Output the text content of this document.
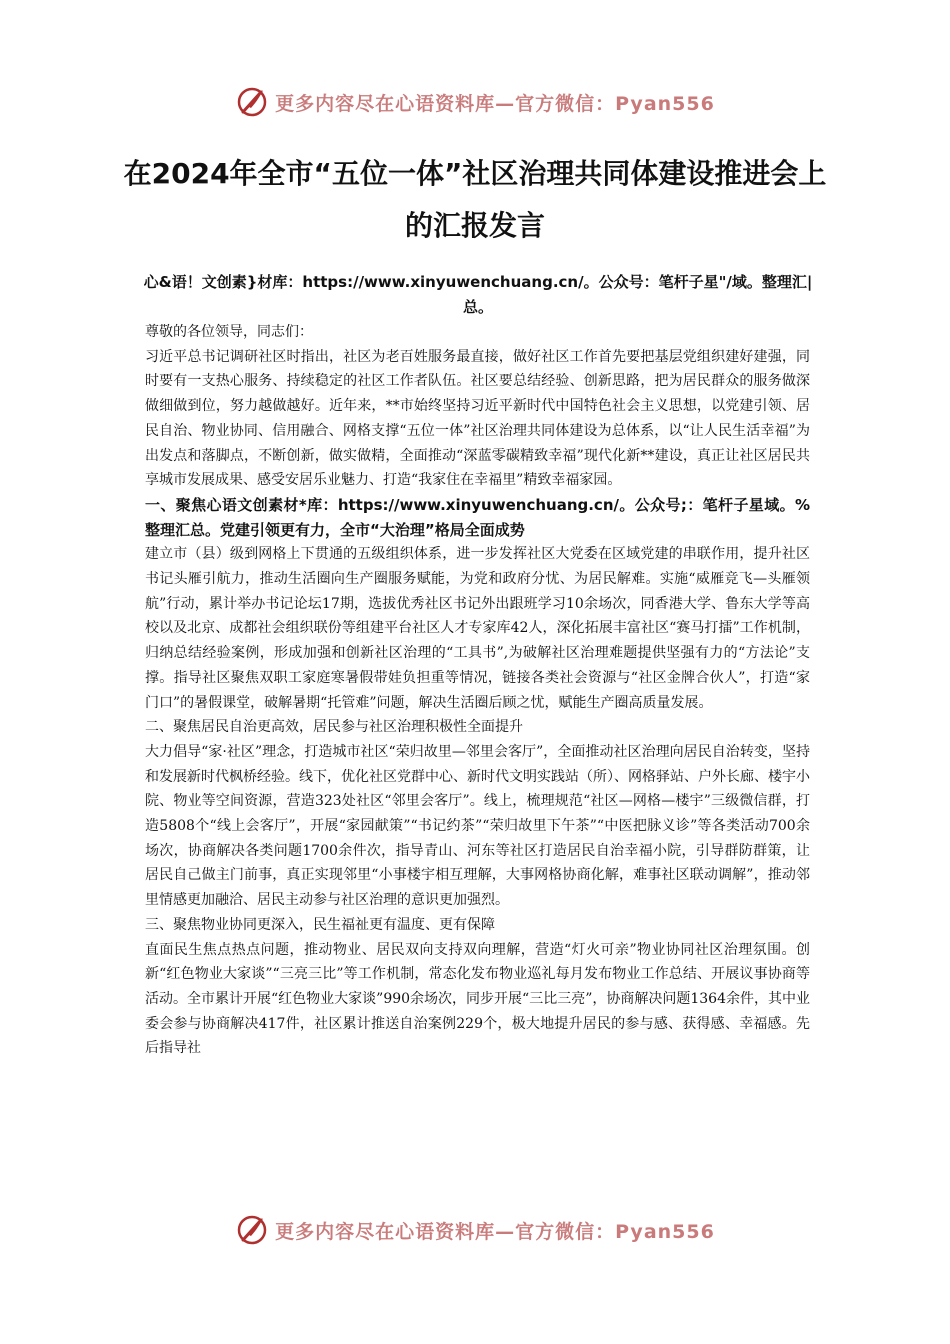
更多内容尽在心语资料库—官方微信：Pyan556
在2024年全市“五位一体”社区治理共同体建设推进会上的汇报发言

心&语！文创素}材库：https://www.xinyuwenchuang.cn/。公众号：笔杆子星"/域。整理汇|总。

尊敬的各位领导，同志们：

习近平总书记调研社区时指出，社区为老百姓服务最直接，做好社区工作首先要把基层党组织建好建强，同时要有一支热心服务、持续稳定的社区工作者队伍。社区要总结经验、创新思路，把为居民群众的服务做深做细做到位，努力越做越好。近年来，**市始终坚持习近平新时代中国特色社会主义思想，以党建引领、居民自治、物业协同、信用融合、网格支撑“五位一体”社区治理共同体建设为总体系，以“让人民生活幸福”为出发点和落脚点，不断创新，做实做精，全面推动“深蓝零碳精致幸福”现代化新**建设，真正让社区居民共享城市发展成果、感受安居乐业魅力、打造“我家住在幸福里”精致幸福家园。

一、聚焦心语文创素材*库：https://www.xinyuwenchuang.cn/。公众号;：笔杆子星域。%整理汇总。党建引领更有力，全市“大治理”格局全面成势

建立市（县）级到网格上下贯通的五级组织体系，进一步发挥社区大党委在区域党建的串联作用，提升社区书记头雁引航力，推动生活圈向生产圈服务赋能，为党和政府分忧、为居民解难。实施“威雁竞飞—头雁领航”行动，累计举办书记论坛17期，选拔优秀社区书记外出跟班学习10余场次，同香港大学、鲁东大学等高校以及北京、成都社会组织联份等组建平台社区人才专家库42人，深化拓展丰富社区“赛马打擂”工作机制，归纳总结经验案例，形成加强和创新社区治理的“工具书”,为破解社区治理难题提供坚强有力的“方法论”支撑。指导社区聚焦双职工家庭寒暑假带娃负担重等情况，链接各类社会资源与“社区金牌合伙人”，打造“家门口”的暑假课堂，破解暑期“托管难”问题，解决生活圈后顾之忧，赋能生产圈高质量发展。

二、聚焦居民自治更高效，居民参与社区治理积极性全面提升

大力倡导“家·社区”理念，打造城市社区“荣归故里—邻里会客厅”，全面推动社区治理向居民自治转变，坚持和发展新时代枫桥经验。线下，优化社区党群中心、新时代文明实践站（所）、网格驿站、户外长廊、楼宇小院、物业等空间资源，营造323处社区“邻里会客厅”。线上，梳理规范“社区—网格—楼宇”三级微信群，打造5808个“线上会客厅”，开展“家园献策”“书记约茶”“荣归故里下午茶”“中医把脉义诊”等各类活动700余场次，协商解决各类问题1700余件次，指导青山、河东等社区打造居民自治幸福小院，引导群防群策，让居民自己做主门前事，真正实现邻里“小事楼宇相互理解，大事网格协商化解，难事社区联动调解”，推动邻里情感更加融洽、居民主动参与社区治理的意识更加强烈。

三、聚焦物业协同更深入，民生福祉更有温度、更有保障

直面民生焦点热点问题，推动物业、居民双向支持双向理解，营造“灯火可亲”物业协同社区治理氛围。创新“红色物业大家谈”“三亮三比”等工作机制，常态化发布物业巡礼每月发布物业工作总结、开展议事协商等活动。全市累计开展“红色物业大家谈”990余场次，同步开展“三比三亮”，协商解决问题1364余件，其中业委会参与协商解决417件，社区累计推送自治案例229个，极大地提升居民的参与感、获得感、幸福感。先后指导社

更多内容尽在心语资料库—官方微信：Pyan556
